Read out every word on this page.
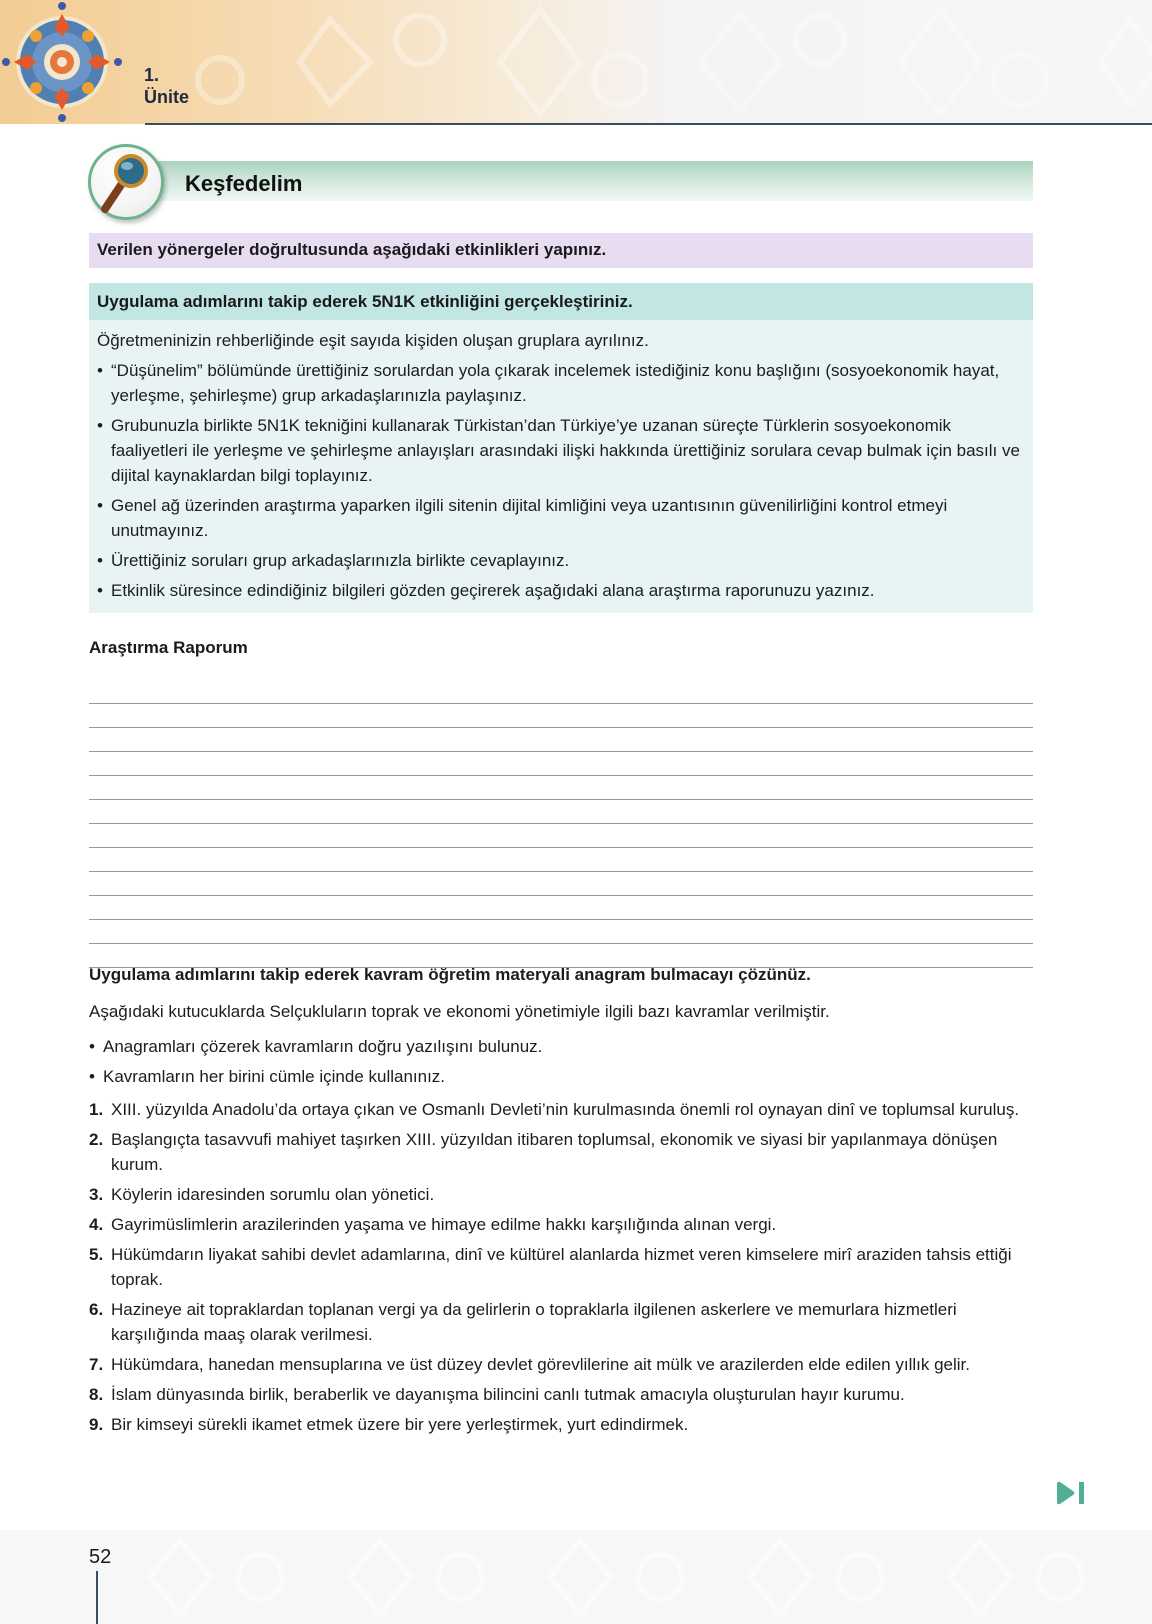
1.
Ünite
Keşfedelim
Verilen yönergeler doğrultusunda aşağıdaki etkinlikleri yapınız.
Uygulama adımlarını takip ederek 5N1K etkinliğini gerçekleştiriniz.

Öğretmeninizin rehberliğinde eşit sayıda kişiden oluşan gruplara ayrılınız.

• “Düşünelim” bölümünde ürettiğiniz sorulardan yola çıkarak incelemek istediğiniz konu başlığını (sosyoekonomik hayat, yerleşme, şehirleşme) grup arkadaşlarınızla paylaşınız.
• Grubunuzla birlikte 5N1K tekniğini kullanarak Türkistan’dan Türkiye’ye uzanan süreçte Türklerin sosyoekonomik faaliyetleri ile yerleşme ve şehirleşme anlayışları arasındaki ilişki hakkında ürettiğiniz sorulara cevap bulmak için basılı ve dijital kaynaklardan bilgi toplayınız.
• Genel ağ üzerinden araştırma yaparken ilgili sitenin dijital kimliğini veya uzantısının güvenilirliğini kontrol etmeyi unutmayınız.
• Ürettiğiniz soruları grup arkadaşlarınızla birlikte cevaplayınız.
• Etkinlik süresince edindiğiniz bilgileri gözden geçirerek aşağıdaki alana araştırma raporunuzu yazınız.
Araştırma Raporum
Uygulama adımlarını takip ederek kavram öğretim materyali anagram bulmacayı çözünüz.

Aşağıdaki kutucuklarda Selçukluların toprak ve ekonomi yönetimiyle ilgili bazı kavramlar verilmiştir.

• Anagramları çözerek kavramların doğru yazılışını bulunuz.
• Kavramların her birini cümle içinde kullanınız.
1. XIII. yüzyılda Anadolu’da ortaya çıkan ve Osmanlı Devleti’nin kurulmasında önemli rol oynayan dinî ve toplumsal kuruluş.
2. Başlangıçta tasavvufi mahiyet taşırken XIII. yüzyıldan itibaren toplumsal, ekonomik ve siyasi bir yapılanmaya dönüşen kurum.
3. Köylerin idaresinden sorumlu olan yönetici.
4. Gayrimüslimlerin arazilerinden yaşama ve himaye edilme hakkı karşılığında alınan vergi.
5. Hükümdarın liyakat sahibi devlet adamlarına, dinî ve kültürel alanlarda hizmet veren kimselere mirî araziden tahsis ettiği toprak.
6. Hazineye ait topraklardan toplanan vergi ya da gelirlerin o topraklarla ilgilenen askerlere ve memurlara hizmetleri karşılığında maaş olarak verilmesi.
7. Hükümdara, hanedan mensuplarına ve üst düzey devlet görevlilerine ait mülk ve arazilerden elde edilen yıllık gelir.
8. İslam dünyasında birlik, beraberlik ve dayanışma bilincini canlı tutmak amacıyla oluşturulan hayır kurumu.
9. Bir kimseyi sürekli ikamet etmek üzere bir yere yerleştirmek, yurt edindirmek.
52
